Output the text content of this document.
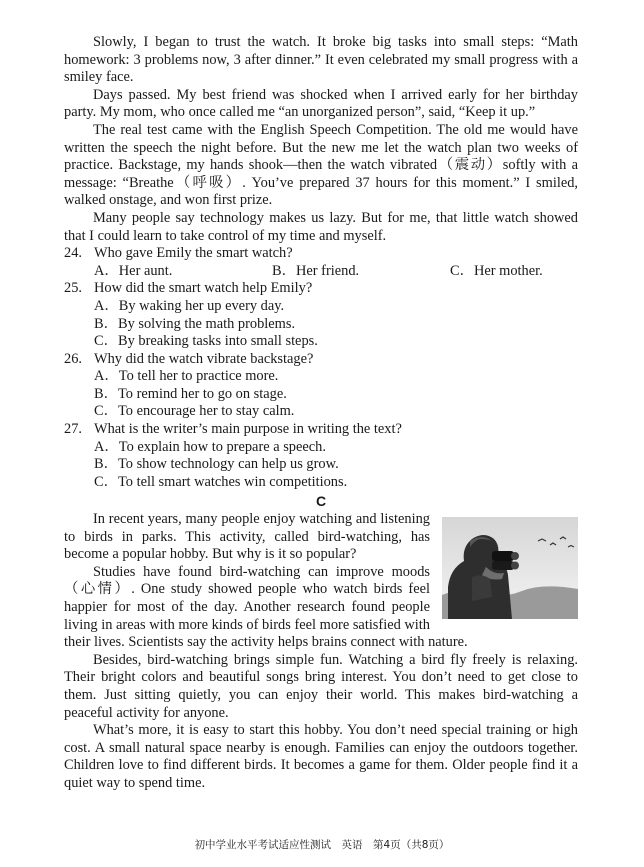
Slowly, I began to trust the watch. It broke big tasks into small steps: “Math homework: 3 problems now, 3 after dinner.” It even celebrated my small progress with a smiley face.

Days passed. My best friend was shocked when I arrived early for her birthday party. My mom, who once called me “an unorganized person”, said, “Keep it up.”

The real test came with the English Speech Competition. The old me would have written the speech the night before. But the new me let the watch plan two weeks of practice. Backstage, my hands shook—then the watch vibrated（震动）softly with a message: “Breathe（呼吸）. You’ve prepared 37 hours for this moment.” I smiled, walked onstage, and won first prize.

Many people say technology makes us lazy. But for me, that little watch showed that I could learn to take control of my time and myself.

24. Who gave Emily the smart watch?
A．Her aunt.	B．Her friend.	C．Her mother.
25. How did the smart watch help Emily?
A．By waking her up every day.
B．By solving the math problems.
C．By breaking tasks into small steps.
26. Why did the watch vibrate backstage?
A．To tell her to practice more.
B．To remind her to go on stage.
C．To encourage her to stay calm.
27. What is the writer’s main purpose in writing the text?
A．To explain how to prepare a speech.
B．To show technology can help us grow.
C．To tell smart watches win competitions.
C

In recent years, many people enjoy watching and listening to birds in parks. This activity, called bird-watching, has become a popular hobby. But why is it so popular?

Studies have found bird-watching can improve moods（心情）. One study showed people who watch birds feel happier for most of the day. Another research found people living in areas with more kinds of birds feel more satisfied with their lives. Scientists say the activity helps brains connect with nature.

Besides, bird-watching brings simple fun. Watching a bird fly freely is relaxing. Their bright colors and beautiful songs bring interest. You don’t need to get close to them. Just sitting quietly, you can enjoy their world. This makes bird-watching a peaceful activity for anyone.

What’s more, it is easy to start this hobby. You don’t need special training or high cost. A small natural space nearby is enough. Families can enjoy the outdoors together. Children love to find different birds. It becomes a game for them. Older people find it a quiet way to spend time.

初中学业水平考试适应性测试　英语　第4页（共8页）
